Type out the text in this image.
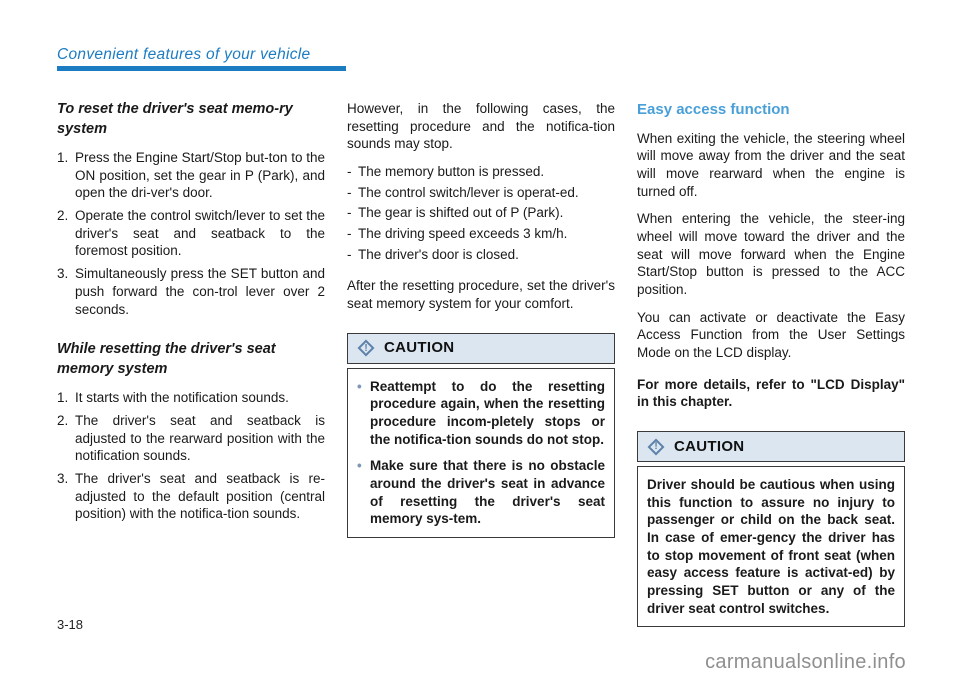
Convenient features of your vehicle
To reset the driver's seat memo-ry system
1. Press the Engine Start/Stop but-ton to the ON position, set the gear in P (Park), and open the dri-ver's door.
2. Operate the control switch/lever to set the driver's seat and seatback to the foremost position.
3. Simultaneously press the SET button and push forward the con-trol lever over 2 seconds.
While resetting the driver's seat memory system
1. It starts with the notification sounds.
2. The driver's seat and seatback is adjusted to the rearward position with the notification sounds.
3. The driver's seat and seatback is re-adjusted to the default position (central position) with the notifica-tion sounds.

However, in the following cases, the resetting procedure and the notifica-tion sounds may stop.

- The memory button is pressed.
- The control switch/lever is operat-ed.
- The gear is shifted out of P (Park).
- The driving speed exceeds 3 km/h.
- The driver's door is closed.

After the resetting procedure, set the driver's seat memory system for your comfort.

!	CAUTION
• Reattempt to do the resetting procedure again, when the resetting procedure incom-pletely stops or the notifica-tion sounds do not stop.
• Make sure that there is no obstacle around the driver's seat in advance of resetting the driver's seat memory sys-tem.
Easy access function

When exiting the vehicle, the steering wheel will move away from the driver and the seat will move rearward when the engine is turned off.

When entering the vehicle, the steer-ing wheel will move toward the driver and the seat will move forward when the Engine Start/Stop button is pressed to the ACC position.

You can activate or deactivate the Easy Access Function from the User Settings Mode on the LCD display.

For more details, refer to "LCD Display" in this chapter.

!	CAUTION
Driver should be cautious when using this function to assure no injury to passenger or child on the back seat. In case of emer-gency the driver has to stop movement of front seat (when easy access feature is activat-ed) by pressing SET button or any of the driver seat control switches.
3-18
carmanualsonline.info
